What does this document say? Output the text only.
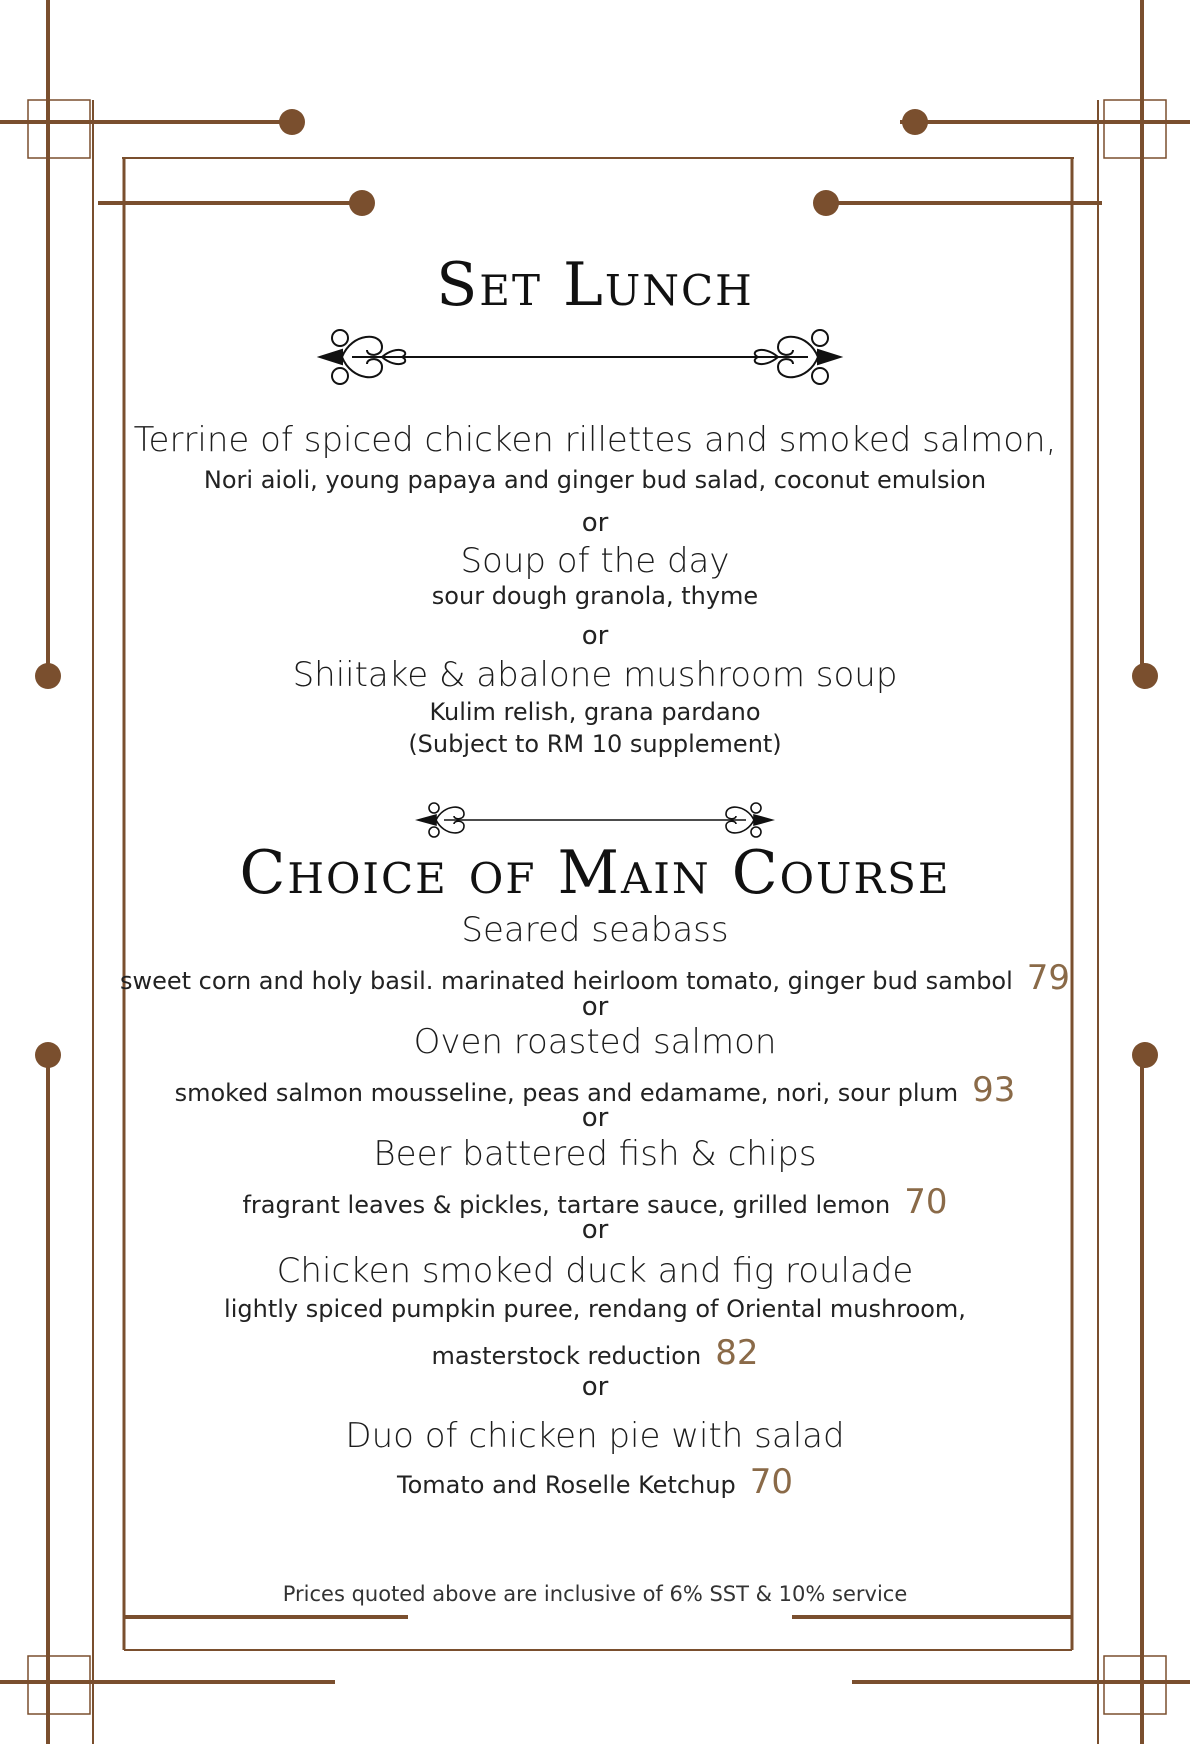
Set Lunch
Terrine of spiced chicken rillettes and smoked salmon,
Nori aioli, young papaya and ginger bud salad, coconut emulsion
or
Soup of the day
sour dough granola, thyme
or
Shiitake & abalone mushroom soup
Kulim relish, grana pardano
(Subject to RM 10 supplement)
Choice of Main Course
Seared seabass
sweet corn and holy basil. marinated heirloom tomato, ginger bud sambol 79
or
Oven roasted salmon
smoked salmon mousseline, peas and edamame, nori, sour plum 93
or
Beer battered fish & chips
fragrant leaves & pickles, tartare sauce, grilled lemon 70
or
Chicken smoked duck and fig roulade
lightly spiced pumpkin puree, rendang of Oriental mushroom,
masterstock reduction 82
or
Duo of chicken pie with salad
Tomato and Roselle Ketchup 70
Prices quoted above are inclusive of 6% SST & 10% service
